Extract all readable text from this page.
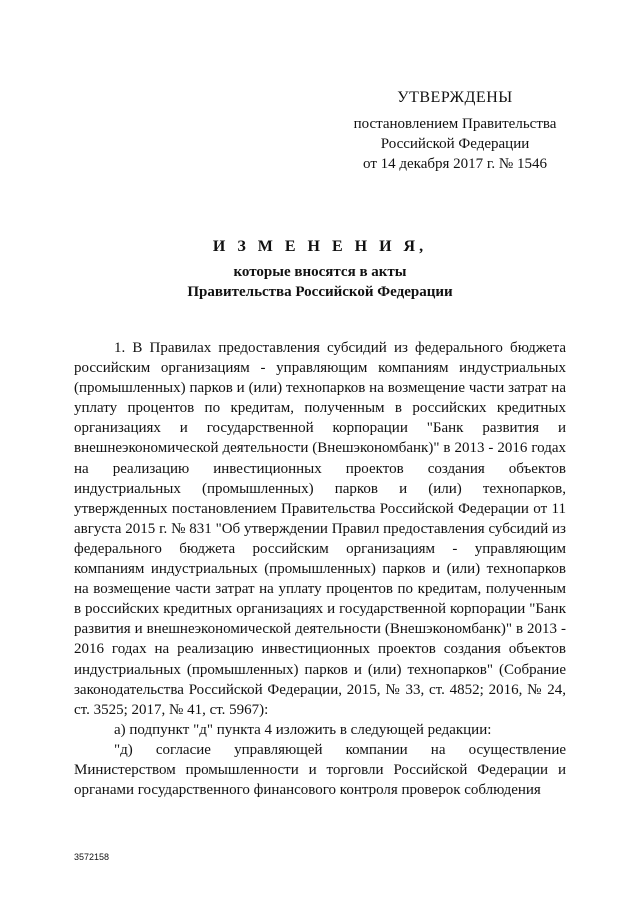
УТВЕРЖДЕНЫ
постановлением Правительства
Российской Федерации
от 14 декабря 2017 г. № 1546
И З М Е Н Е Н И Я,
которые вносятся в акты
Правительства Российской Федерации

1. В Правилах предоставления субсидий из федерального бюджета российским организациям - управляющим компаниям индустриальных (промышленных) парков и (или) технопарков на возмещение части затрат на уплату процентов по кредитам, полученным в российских кредитных организациях и государственной корпорации "Банк развития и внешнеэкономической деятельности (Внешэкономбанк)" в 2013 - 2016 годах на реализацию инвестиционных проектов создания объектов индустриальных (промышленных) парков и (или) технопарков, утвержденных постановлением Правительства Российской Федерации от 11 августа 2015 г. № 831 "Об утверждении Правил предоставления субсидий из федерального бюджета российским организациям - управляющим компаниям индустриальных (промышленных) парков и (или) технопарков на возмещение части затрат на уплату процентов по кредитам, полученным в российских кредитных организациях и государственной корпорации "Банк развития и внешнеэкономической деятельности (Внешэкономбанк)" в 2013 - 2016 годах на реализацию инвестиционных проектов создания объектов индустриальных (промышленных) парков и (или) технопарков" (Собрание законодательства Российской Федерации, 2015, № 33, ст. 4852; 2016, № 24, ст. 3525; 2017, № 41, ст. 5967):

а) подпункт "д" пункта 4 изложить в следующей редакции:

"д) согласие управляющей компании на осуществление Министерством промышленности и торговли Российской Федерации и органами государственного финансового контроля проверок соблюдения

3572158
